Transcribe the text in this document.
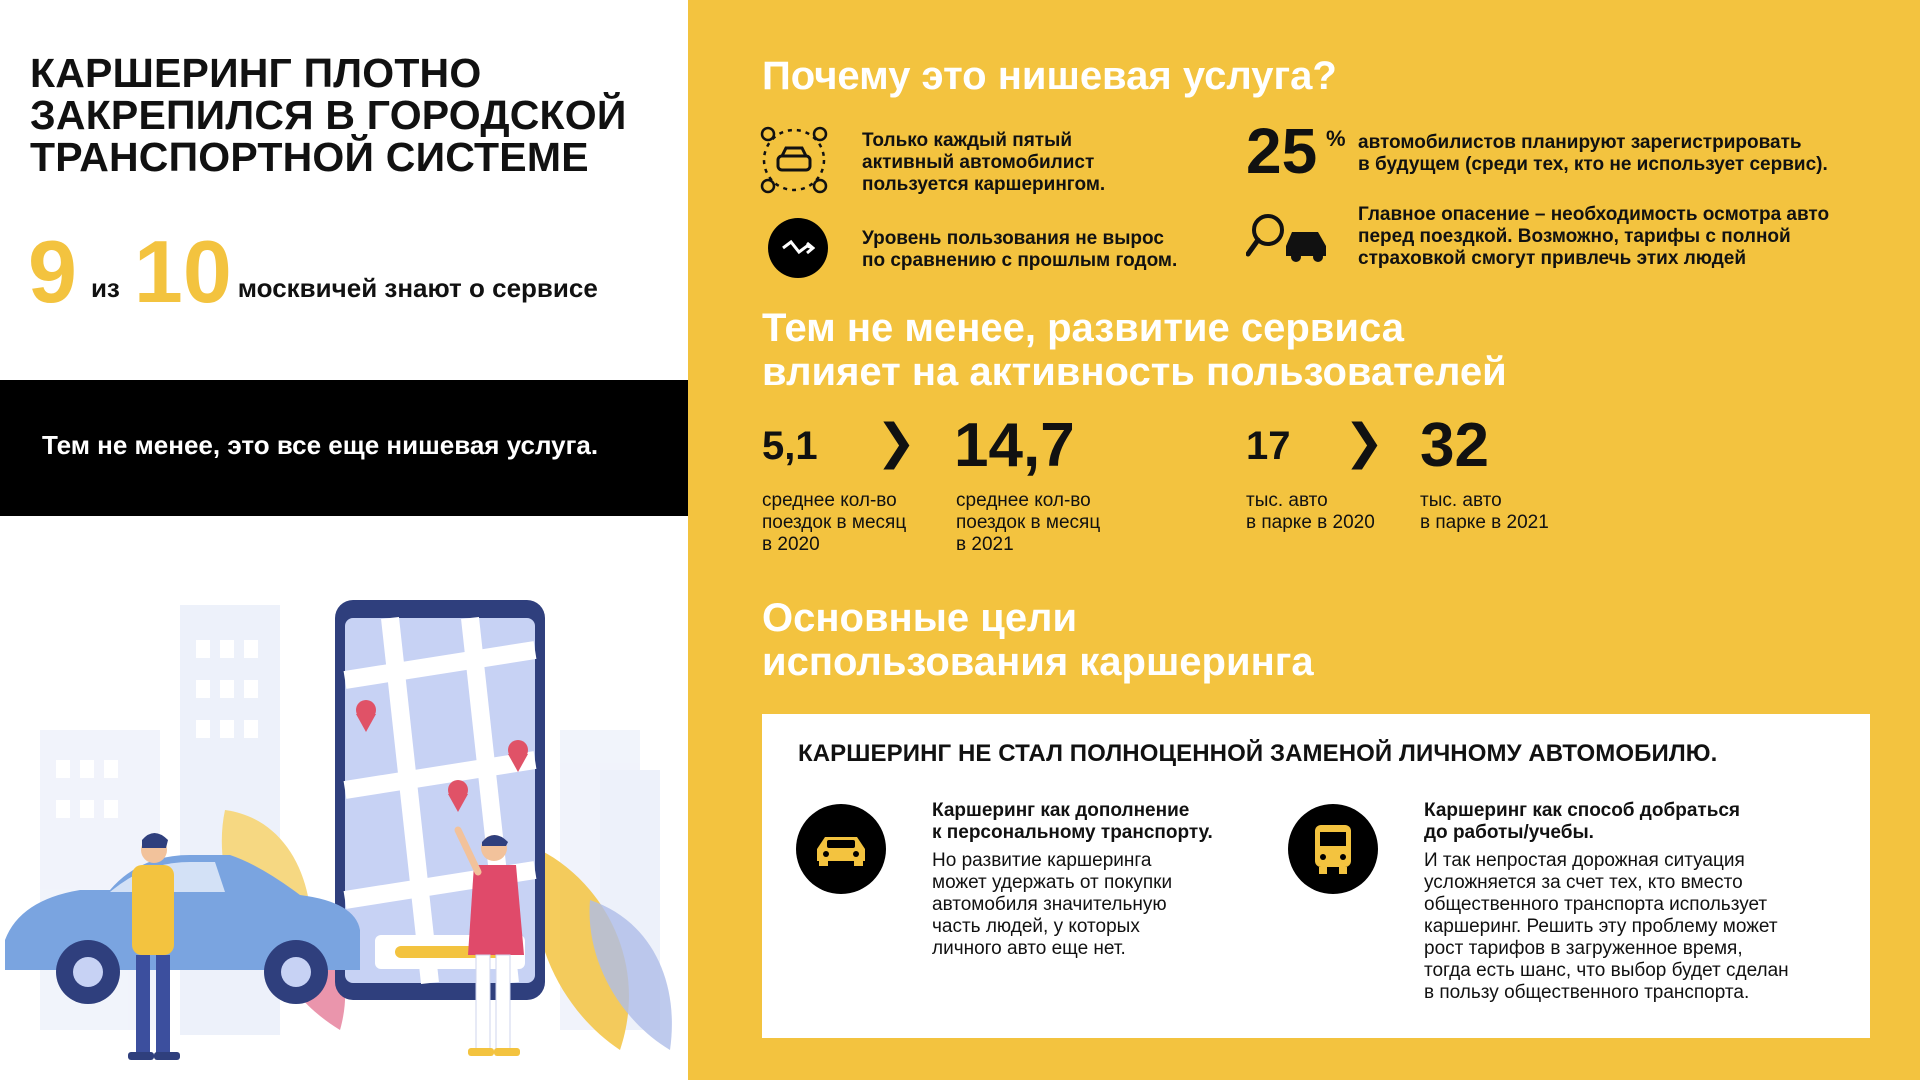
КАРШЕРИНГ ПЛОТНО
ЗАКРЕПИЛСЯ В ГОРОДСКОЙ
ТРАНСПОРТНОЙ СИСТЕМЕ
9 из 10 москвичей знают о сервисе
Тем не менее, это все еще нишевая услуга.
Почему это нишевая услуга?
Только каждый пятый
активный автомобилист
пользуется каршерингом.
Уровень пользования не вырос
по сравнению с прошлым годом.
25 % автомобилистов планируют зарегистрировать
в будущем (среди тех, кто не использует сервис).
Главное опасение – необходимость осмотра авто
перед поездкой. Возможно, тарифы с полной
страховкой смогут привлечь этих людей
Тем не менее, развитие сервиса
влияет на активность пользователей
5,1 ❯ 14,7
среднее кол-во
поездок в месяц
в 2020
среднее кол-во
поездок в месяц
в 2021
17 ❯ 32
тыс. авто
в парке в 2020
тыс. авто
в парке в 2021
Основные цели
использования каршеринга
КАРШЕРИНГ НЕ СТАЛ ПОЛНОЦЕННОЙ ЗАМЕНОЙ ЛИЧНОМУ АВТОМОБИЛЮ.
Каршеринг как дополнение
к персональному транспорту.
Но развитие каршеринга
может удержать от покупки
автомобиля значительную
часть людей, у которых
личного авто еще нет.
Каршеринг как способ добраться
до работы/учебы.
И так непростая дорожная ситуация
усложняется за счет тех, кто вместо
общественного транспорта использует
каршеринг. Решить эту проблему может
рост тарифов в загруженное время,
тогда есть шанс, что выбор будет сделан
в пользу общественного транспорта.
